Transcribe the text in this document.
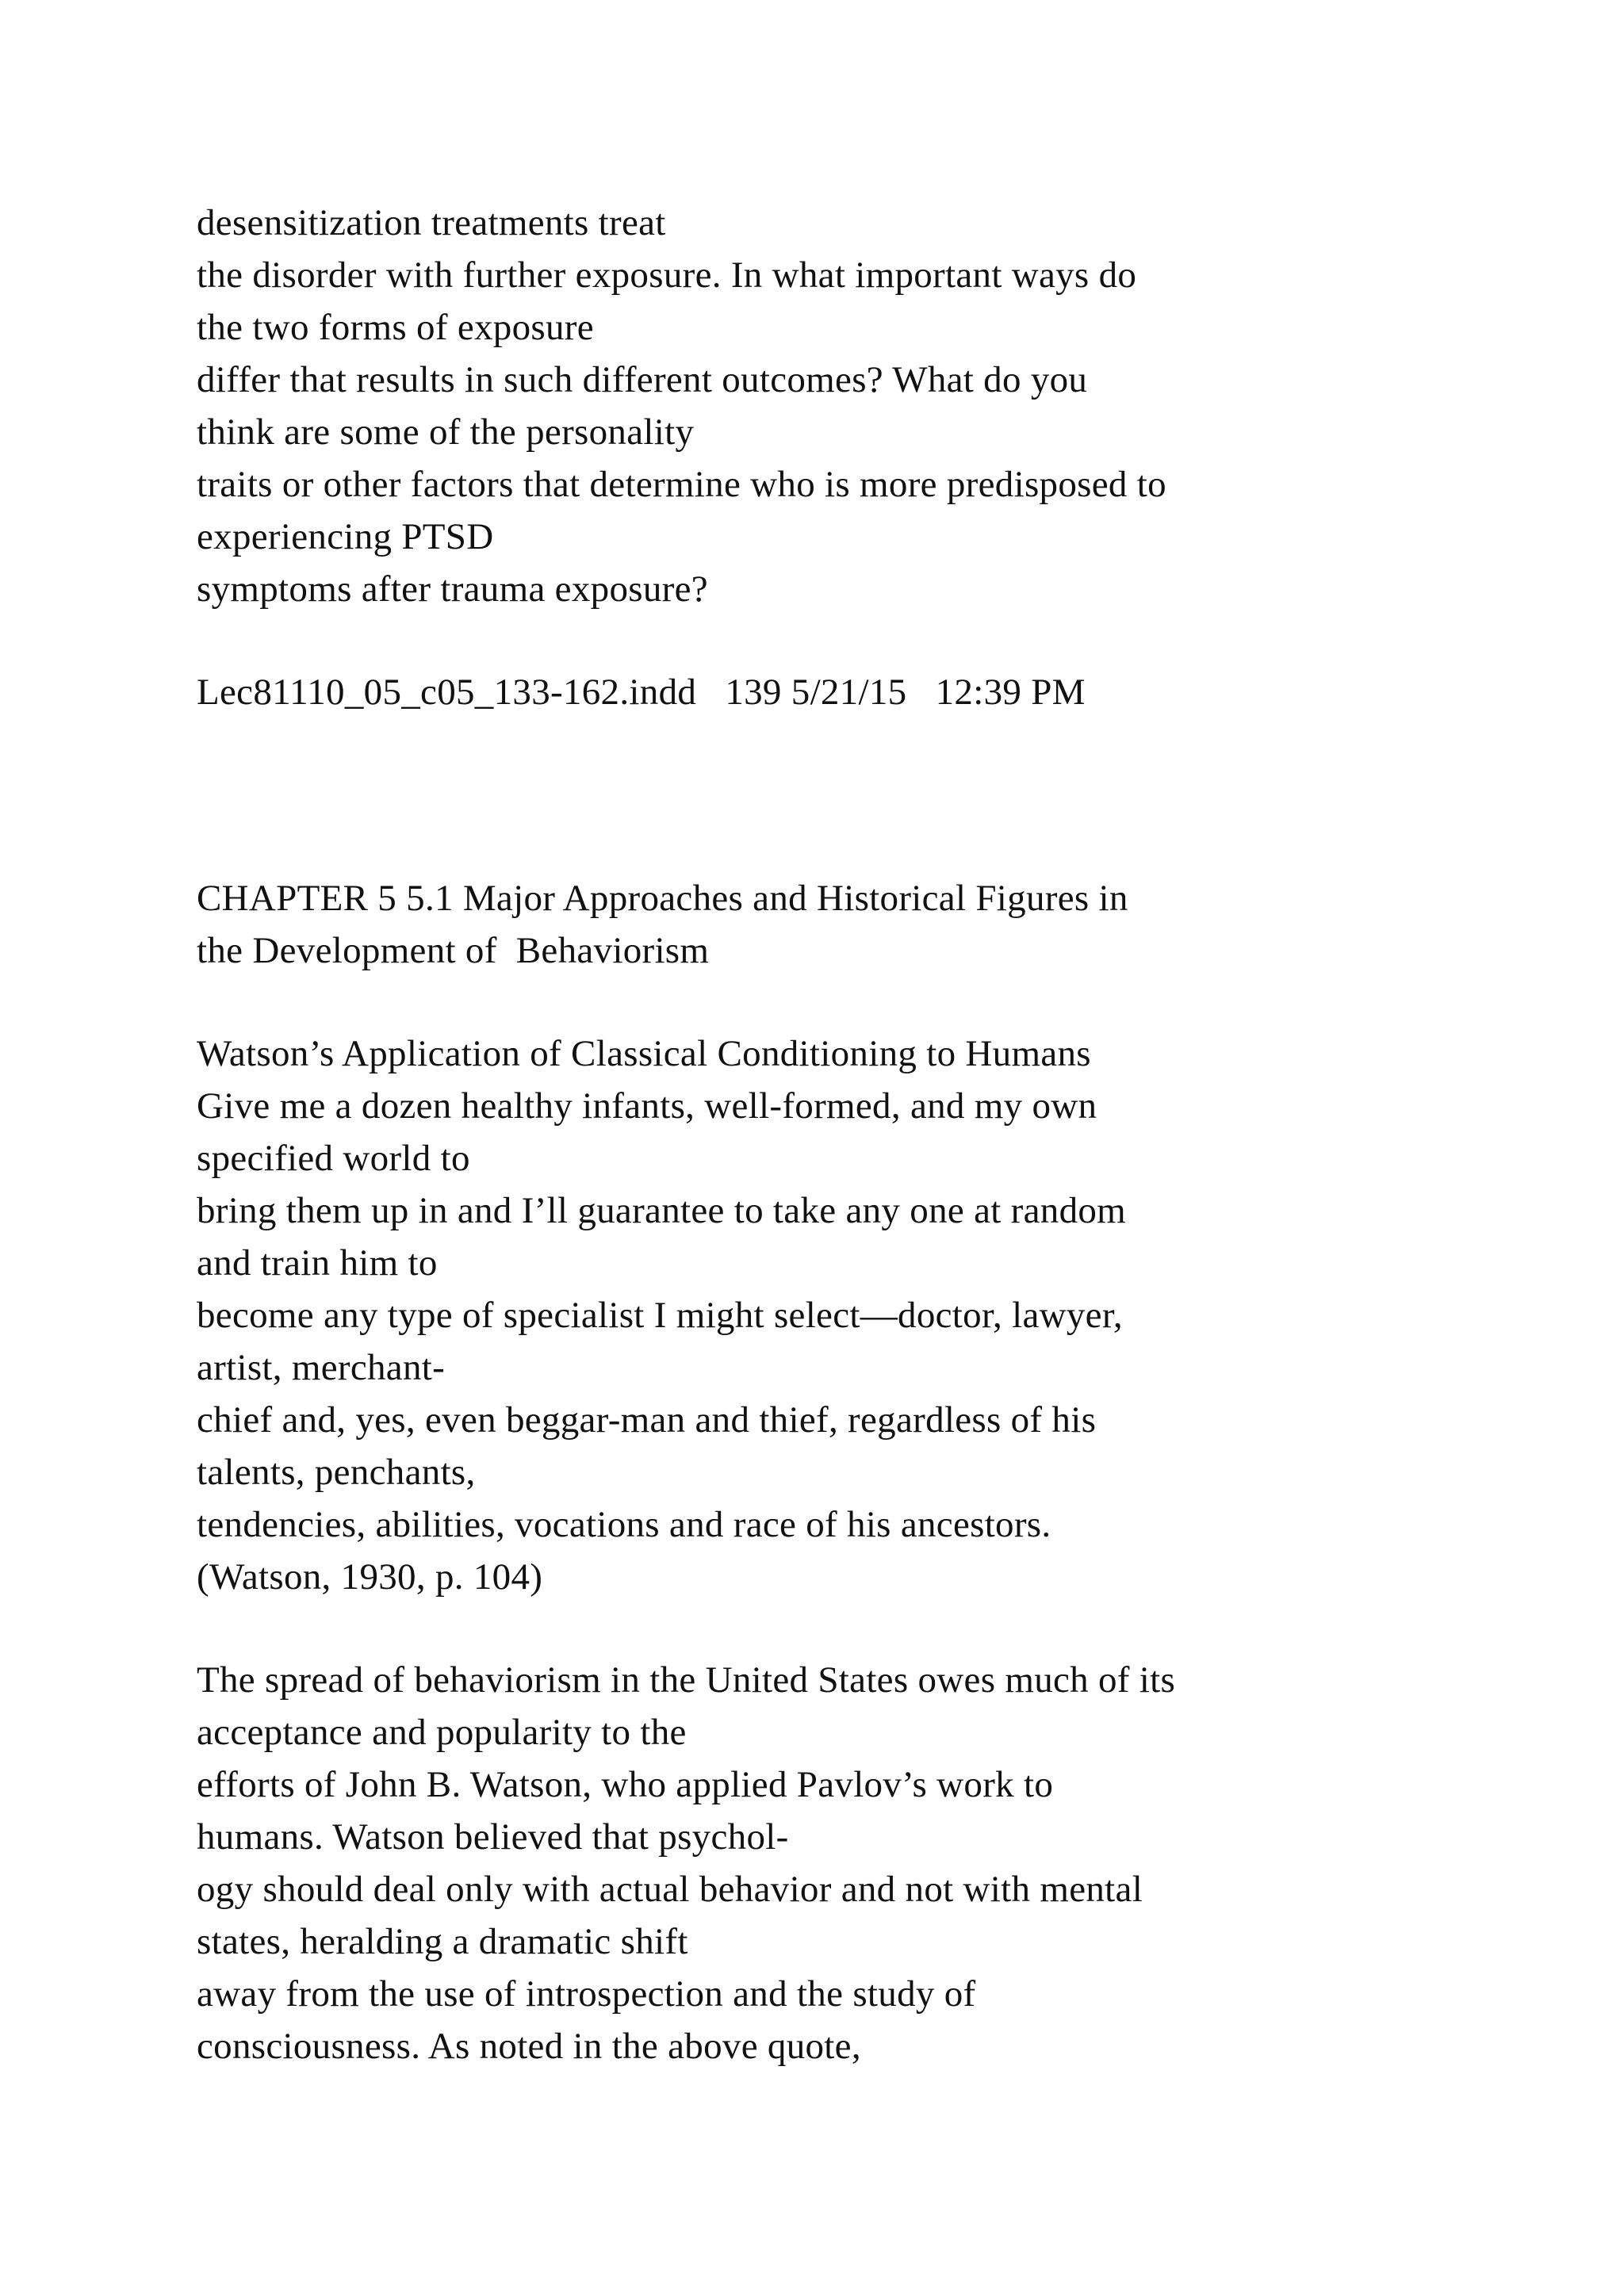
desensitization treatments treat
the disorder with further exposure. In what important ways do
the two forms of exposure
differ that results in such different outcomes? What do you
think are some of the personality
traits or other factors that determine who is more predisposed to
experiencing PTSD
symptoms after trauma exposure?
Lec81110_05_c05_133-162.indd   139 5/21/15   12:39 PM
CHAPTER 5 5.1 Major Approaches and Historical Figures in
the Development of  Behaviorism
Watson’s Application of Classical Conditioning to Humans
Give me a dozen healthy infants, well-formed, and my own
specified world to
bring them up in and I’ll guarantee to take any one at random
and train him to
become any type of specialist I might select—doctor, lawyer,
artist, merchant-
chief and, yes, even beggar-man and thief, regardless of his
talents, penchants,
tendencies, abilities, vocations and race of his ancestors.
(Watson, 1930, p. 104)
The spread of behaviorism in the United States owes much of its
acceptance and popularity to the
efforts of John B. Watson, who applied Pavlov’s work to
humans. Watson believed that psychol-
ogy should deal only with actual behavior and not with mental
states, heralding a dramatic shift
away from the use of introspection and the study of
consciousness. As noted in the above quote,
